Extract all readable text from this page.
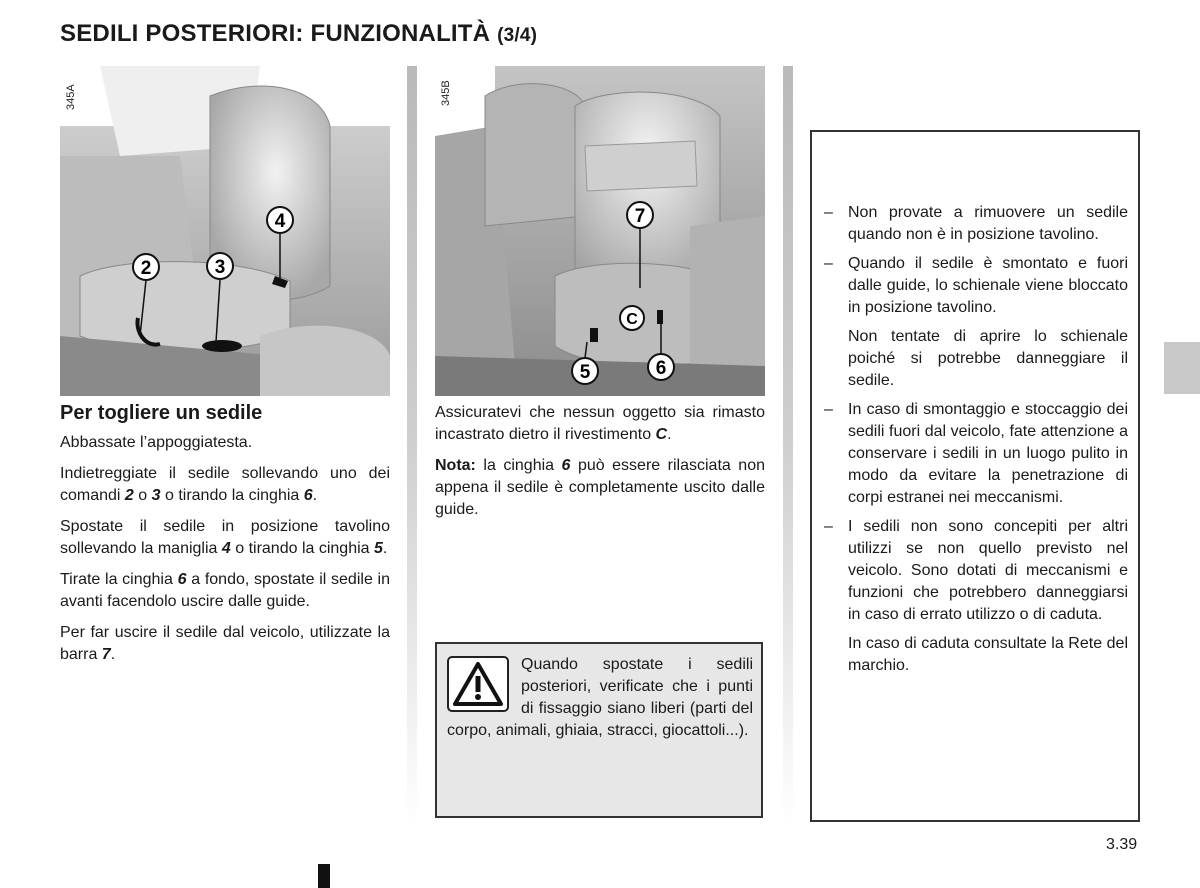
SEDILI POSTERIORI: FUNZIONALITÀ (3/4)
4
2	3
345A
7
C
5	6
345B
Per togliere un sedile

Abbassate l’appoggiatesta.

Indietreggiate il sedile sollevando uno dei comandi 2 o 3 o tirando la cinghia 6.

Spostate il sedile in posizione tavolino sollevando la maniglia 4 o tirando la cinghia 5.

Tirate la cinghia 6 a fondo, spostate il sedile in avanti facendolo uscire dalle guide.

Per far uscire il sedile dal veicolo, utilizzate la barra 7.

Assicuratevi che nessun oggetto sia rimasto incastrato dietro il rivestimento C.

Nota: la cinghia 6 può essere rilasciata non appena il sedile è completamente uscito dalle guide.

Quando spostate i sedili posteriori, verificate che i punti di fissaggio siano liberi (parti del corpo, animali, ghiaia, stracci, giocattoli...).
– Non provate a rimuovere un sedile quando non è in posizione tavolino.
– Quando il sedile è smontato e fuori dalle guide, lo schienale viene bloccato in posizione tavolino.

Non tentate di aprire lo schienale poiché si potrebbe danneggiare il sedile.

– In caso di smontaggio e stoccaggio dei sedili fuori dal veicolo, fate attenzione a conservare i sedili in un luogo pulito in modo da evitare la penetrazione di corpi estranei nei meccanismi.
– I sedili non sono concepiti per altri utilizzi se non quello previsto nel veicolo. Sono dotati di meccanismi e funzioni che potrebbero danneggiarsi in caso di errato utilizzo o di caduta.

In caso di caduta consultate la Rete del marchio.

3.39
